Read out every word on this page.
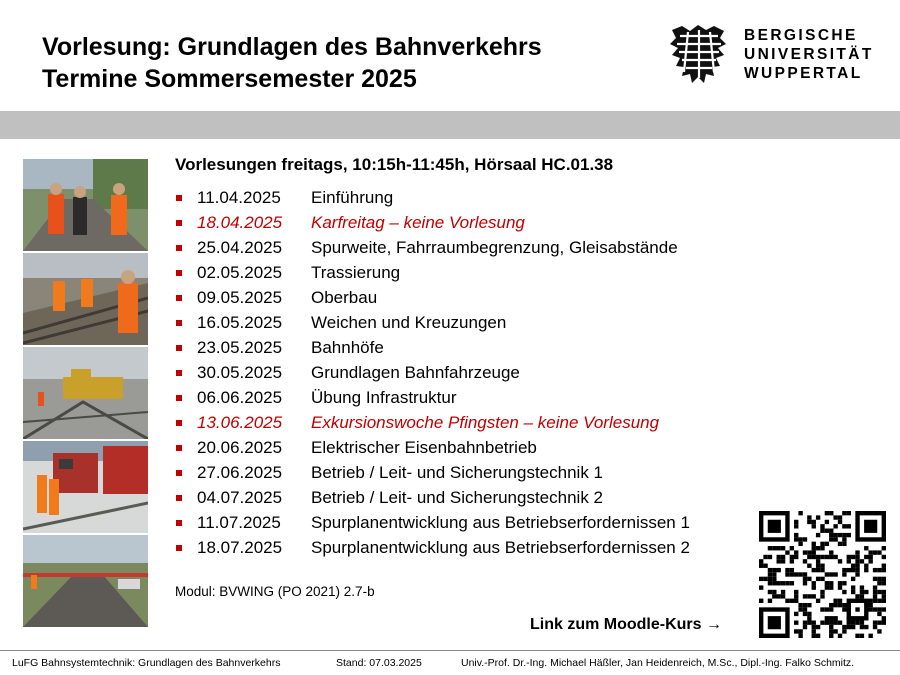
Vorlesung: Grundlagen des Bahnverkehrs
Termine Sommersemester 2025
BERGISCHE
UNIVERSITÄT
WUPPERTAL
Vorlesungen freitags, 10:15h-11:45h, Hörsaal HC.01.38
11.04.2025	Einführung
18.04.2025	Karfreitag – keine Vorlesung
25.04.2025	Spurweite, Fahrraumbegrenzung, Gleisabstände
02.05.2025	Trassierung
09.05.2025	Oberbau
16.05.2025	Weichen und Kreuzungen
23.05.2025	Bahnhöfe
30.05.2025	Grundlagen Bahnfahrzeuge
06.06.2025	Übung Infrastruktur
13.06.2025	Exkursionswoche Pfingsten – keine Vorlesung
20.06.2025	Elektrischer Eisenbahnbetrieb
27.06.2025	Betrieb / Leit- und Sicherungstechnik 1
04.07.2025	Betrieb / Leit- und Sicherungstechnik 2
11.07.2025	Spurplanentwicklung aus Betriebserfordernissen 1
18.07.2025	Spurplanentwicklung aus Betriebserfordernissen 2
Modul: BVWING (PO 2021) 2.7-b
Link zum Moodle-Kurs →
LuFG Bahnsystemtechnik: Grundlagen des Bahnverkehrs	Stand: 07.03.2025	Univ.-Prof. Dr.-Ing. Michael Häßler, Jan Heidenreich, M.Sc., Dipl.-Ing. Falko Schmitz.
